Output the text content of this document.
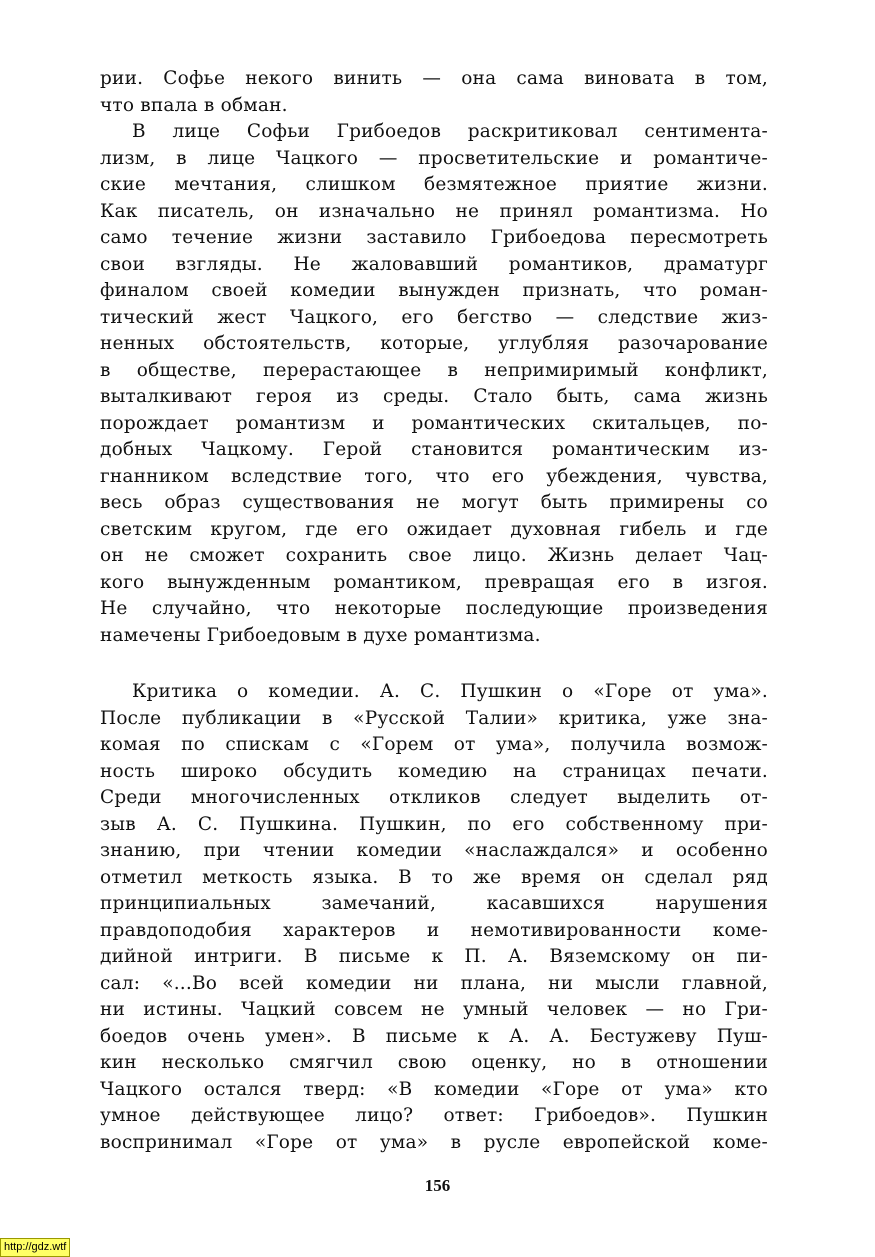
рии. Софье некого винить — она сама виновата в том,
что впала в обман.
В лице Софьи Грибоедов раскритиковал сентимента-
лизм, в лице Чацкого — просветительские и романтиче-
ские мечтания, слишком безмятежное приятие жизни.
Как писатель, он изначально не принял романтизма. Но
само течение жизни заставило Грибоедова пересмотреть
свои взгляды. Не жаловавший романтиков, драматург
финалом своей комедии вынужден признать, что роман-
тический жест Чацкого, его бегство — следствие жиз-
ненных обстоятельств, которые, углубляя разочарование
в обществе, перерастающее в непримиримый конфликт,
выталкивают героя из среды. Стало быть, сама жизнь
порождает романтизм и романтических скитальцев, по-
добных Чацкому. Герой становится романтическим из-
гнанником вследствие того, что его убеждения, чувства,
весь образ существования не могут быть примирены со
светским кругом, где его ожидает духовная гибель и где
он не сможет сохранить свое лицо. Жизнь делает Чац-
кого вынужденным романтиком, превращая его в изгоя.
Не случайно, что некоторые последующие произведения
намечены Грибоедовым в духе романтизма.
Критика о комедии. А. С. Пушкин о «Горе от ума».
После публикации в «Русской Талии» критика, уже зна-
комая по спискам с «Горем от ума», получила возмож-
ность широко обсудить комедию на страницах печати.
Среди многочисленных откликов следует выделить от-
зыв А. С. Пушкина. Пушкин, по его собственному при-
знанию, при чтении комедии «наслаждался» и особенно
отметил меткость языка. В то же время он сделал ряд
принципиальных замечаний, касавшихся нарушения
правдоподобия характеров и немотивированности коме-
дийной интриги. В письме к П. А. Вяземскому он пи-
сал: «...Во всей комедии ни плана, ни мысли главной,
ни истины. Чацкий совсем не умный человек — но Гри-
боедов очень умен». В письме к А. А. Бестужеву Пуш-
кин несколько смягчил свою оценку, но в отношении
Чацкого остался тверд: «В комедии «Горе от ума» кто
умное действующее лицо? ответ: Грибоедов». Пушкин
воспринимал «Горе от ума» в русле европейской коме-
156
http://gdz.wtf
